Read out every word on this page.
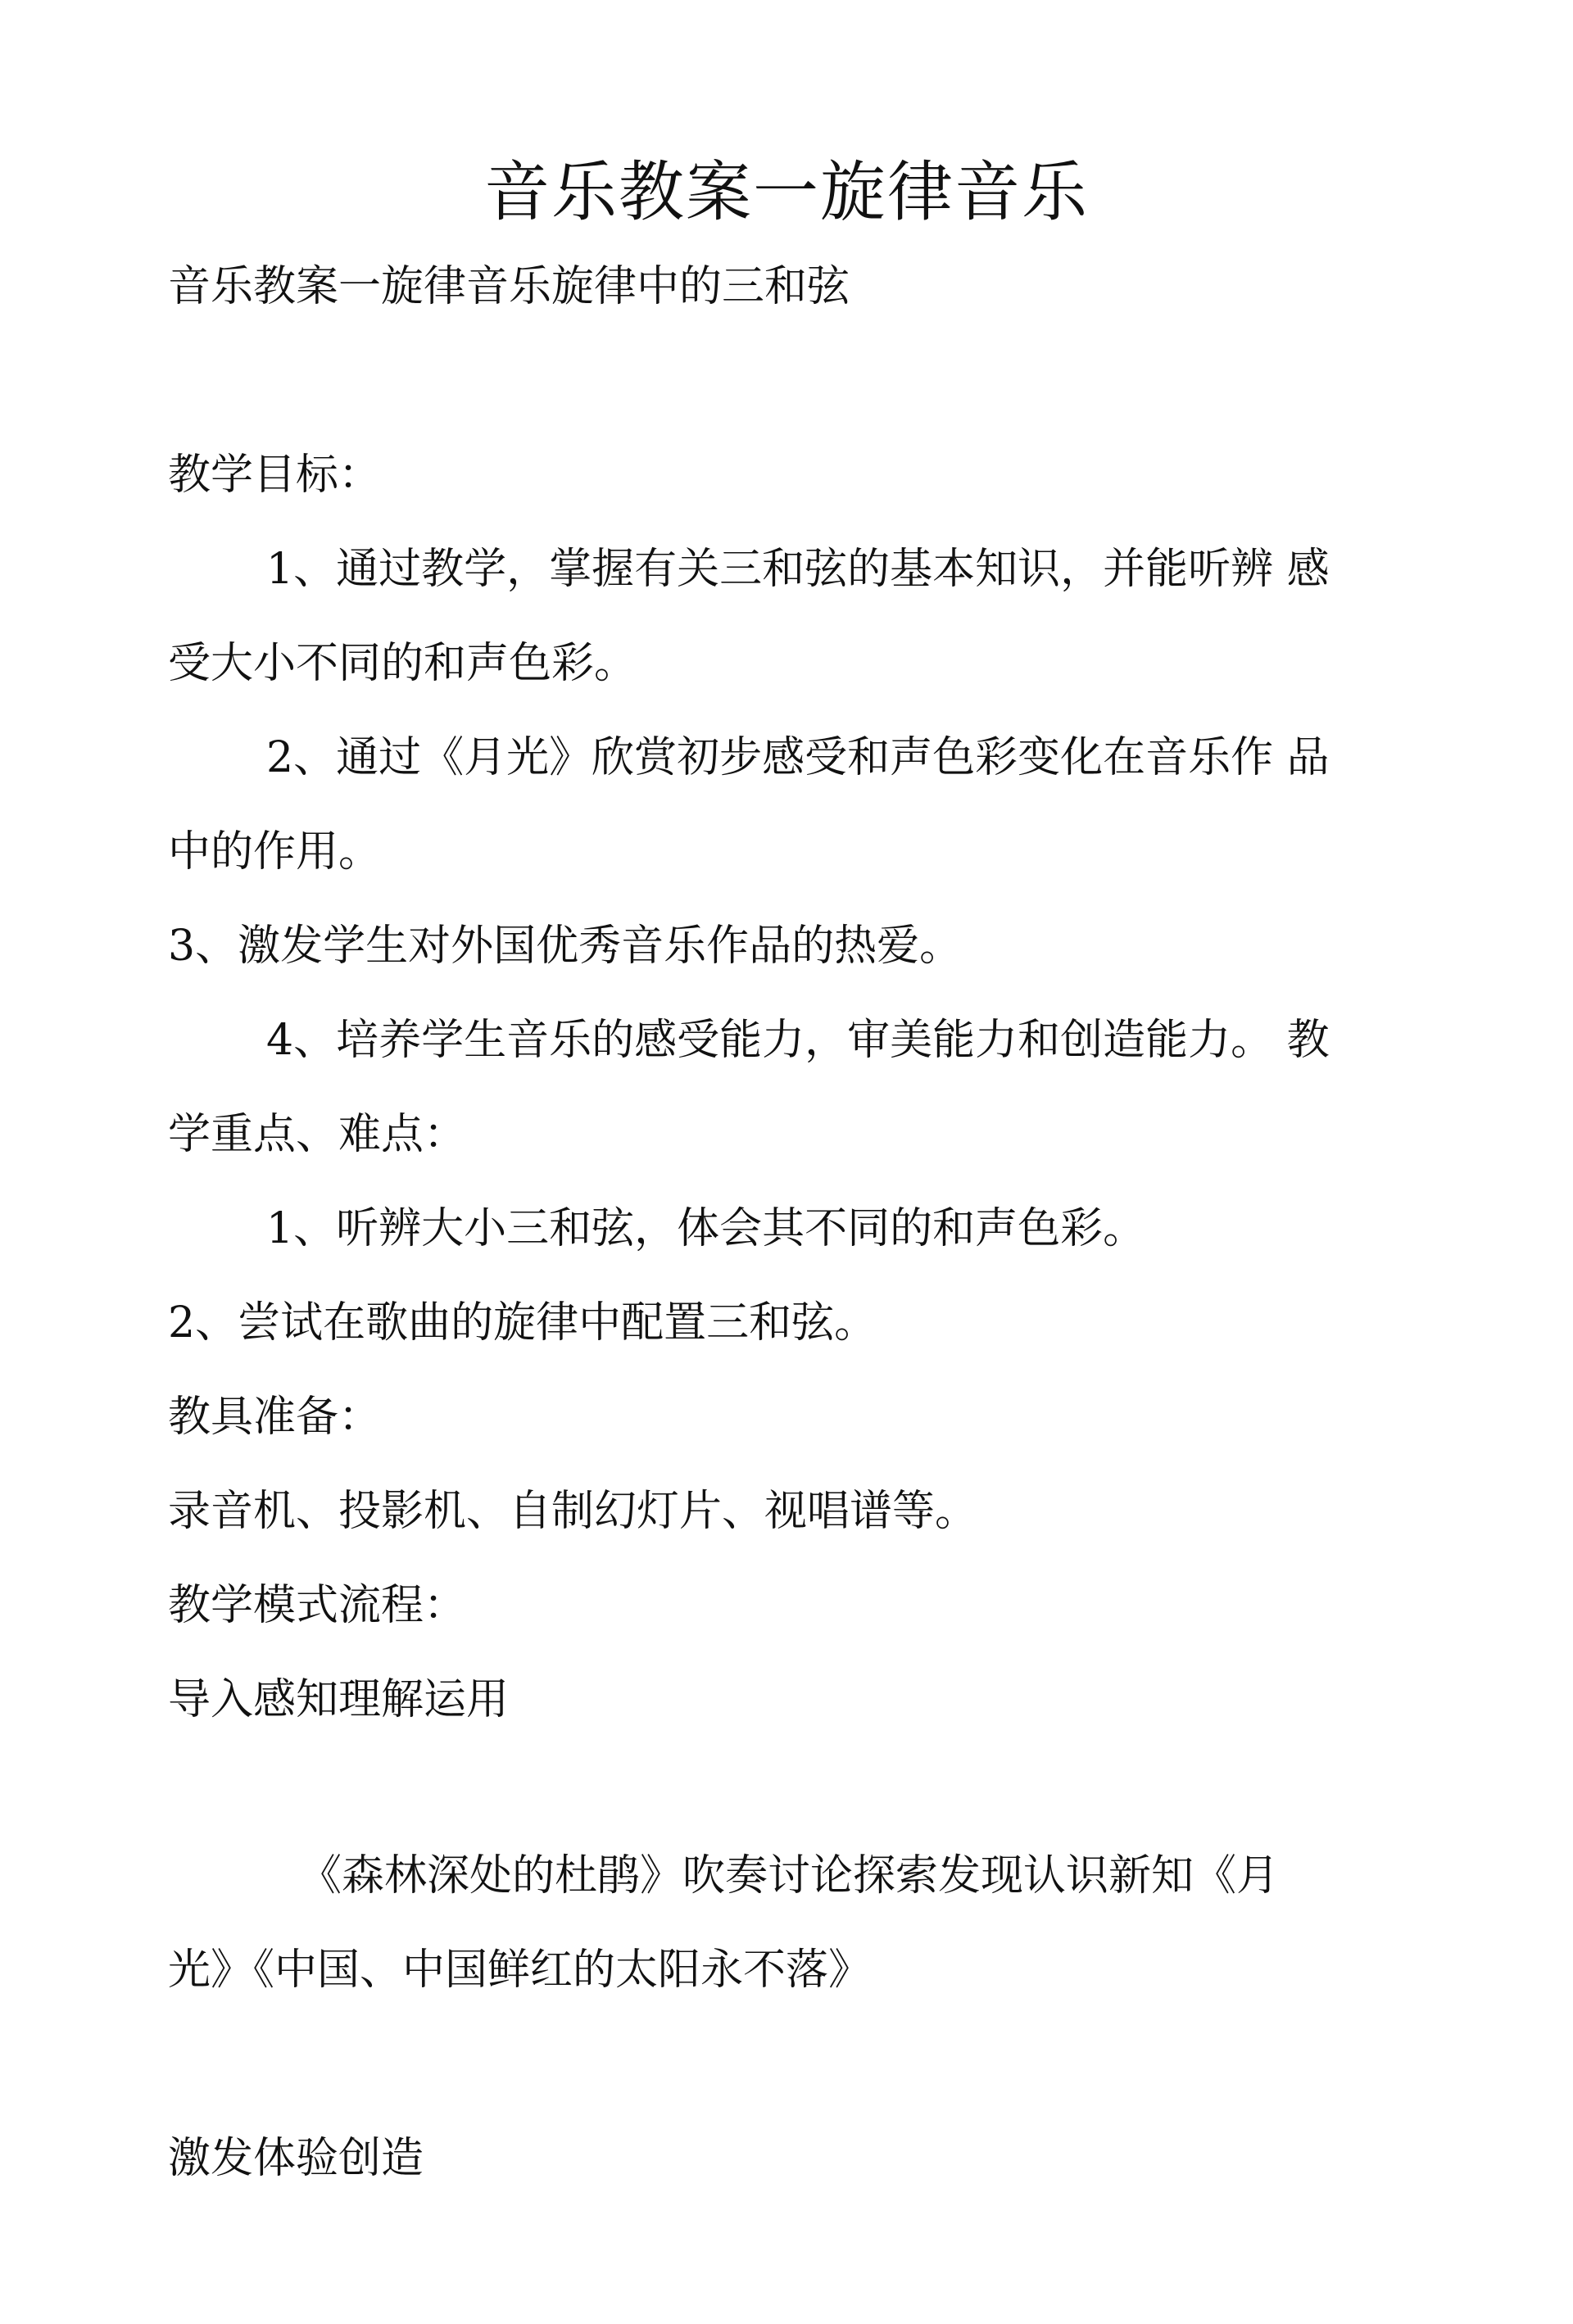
音乐教案一旋律音乐
音乐教案一旋律音乐旋律中的三和弦
教学目标：
1、通过教学，掌握有关三和弦的基本知识，并能听辨 感
受大小不同的和声色彩。
2、通过《月光》欣赏初步感受和声色彩变化在音乐作 品
中的作用。
3、激发学生对外国优秀音乐作品的热爱。
4、培养学生音乐的感受能力，审美能力和创造能力。 教
学重点、难点：
1、听辨大小三和弦，体会其不同的和声色彩。
2、尝试在歌曲的旋律中配置三和弦。
教具准备：
录音机、投影机、自制幻灯片、视唱谱等。
教学模式流程：
导入感知理解运用
《森林深处的杜鹃》吹奏讨论探索发现认识新知《月
光》《中国、中国鲜红的太阳永不落》
激发体验创造
